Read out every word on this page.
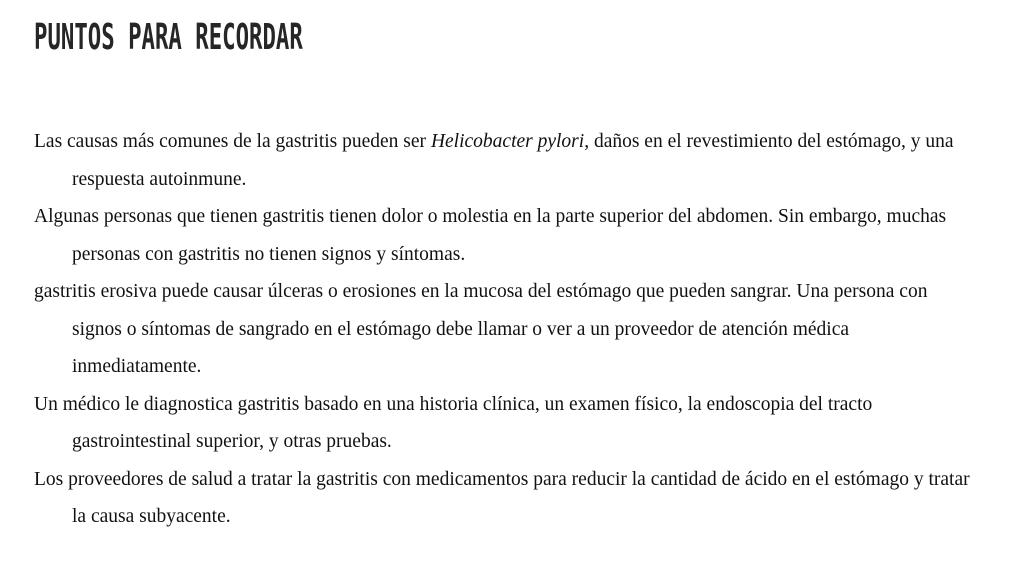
PUNTOS PARA RECORDAR

Las causas más comunes de la gastritis pueden ser Helicobacter pylori, daños en el revestimiento del estómago, y una respuesta autoinmune.

Algunas personas que tienen gastritis tienen dolor o molestia en la parte superior del abdomen. Sin embargo, muchas personas con gastritis no tienen signos y síntomas.

gastritis erosiva puede causar úlceras o erosiones en la mucosa del estómago que pueden sangrar. Una persona con signos o síntomas de sangrado en el estómago debe llamar o ver a un proveedor de atención médica inmediatamente.

Un médico le diagnostica gastritis basado en una historia clínica, un examen físico, la endoscopia del tracto gastrointestinal superior, y otras pruebas.

Los proveedores de salud a tratar la gastritis con medicamentos para reducir la cantidad de ácido en el estómago y tratar la causa subyacente.
